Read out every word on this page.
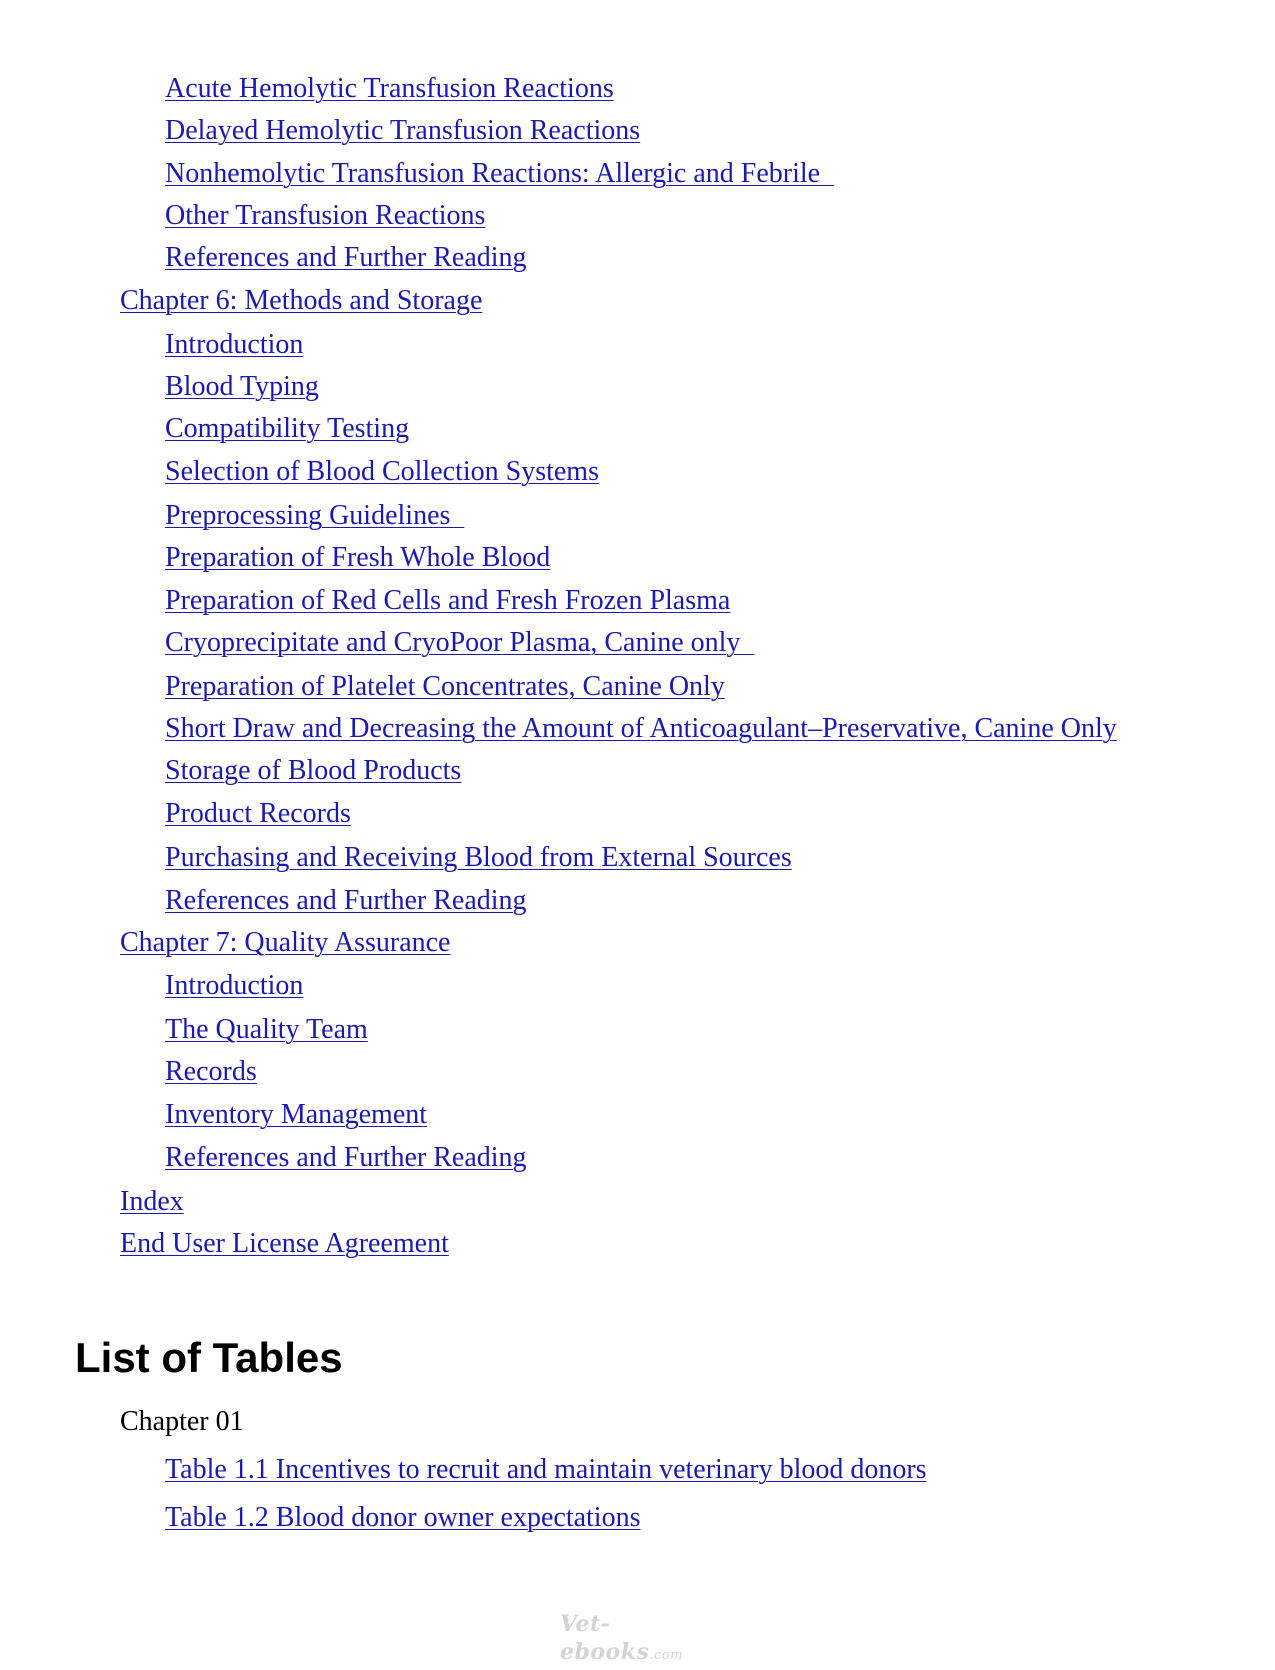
Acute Hemolytic Transfusion Reactions
Delayed Hemolytic Transfusion Reactions
Nonhemolytic Transfusion Reactions: Allergic and Febrile
Other Transfusion Reactions
References and Further Reading
Chapter 6: Methods and Storage
Introduction
Blood Typing
Compatibility Testing
Selection of Blood Collection Systems
Preprocessing Guidelines
Preparation of Fresh Whole Blood
Preparation of Red Cells and Fresh Frozen Plasma
Cryoprecipitate and CryoPoor Plasma, Canine only
Preparation of Platelet Concentrates, Canine Only
Short Draw and Decreasing the Amount of Anticoagulant–Preservative, Canine Only
Storage of Blood Products
Product Records
Purchasing and Receiving Blood from External Sources
References and Further Reading
Chapter 7: Quality Assurance
Introduction
The Quality Team
Records
Inventory Management
References and Further Reading
Index
End User License Agreement
List of Tables
Chapter 01
Table 1.1 Incentives to recruit and maintain veterinary blood donors
Table 1.2 Blood donor owner expectations
Vet-ebooks.com
